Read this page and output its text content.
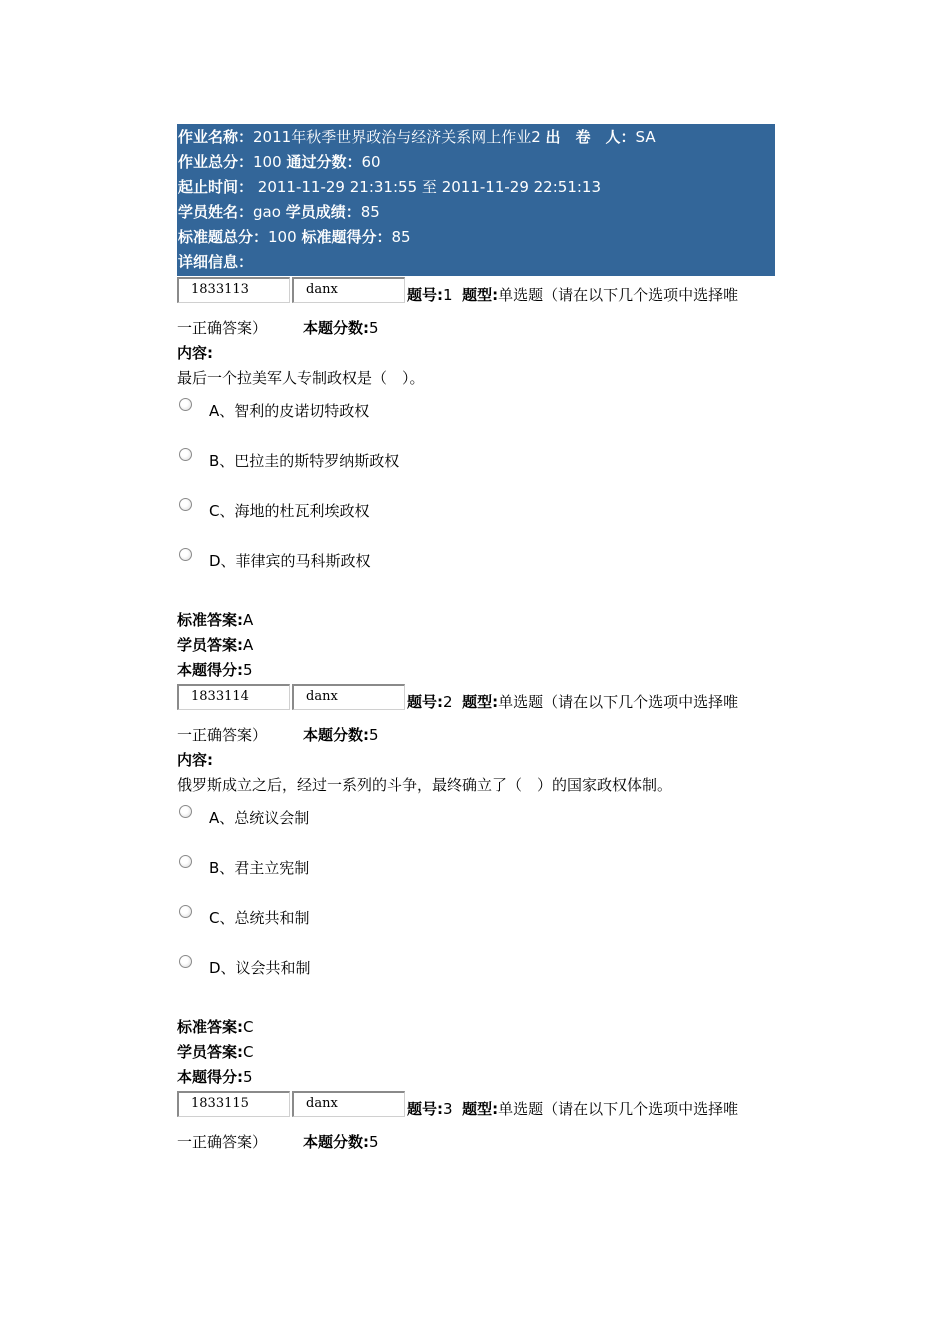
作业名称：2011年秋季世界政治与经济关系网上作业2 出　卷　人：SA
作业总分：100 通过分数：60
起止时间： 2011-11-29 21:31:55 至 2011-11-29 22:51:13
学员姓名：gao 学员成绩：85
标准题总分：100 标准题得分：85
详细信息：
1833113	danx	题号:1 题型:单选题（请在以下几个选项中选择唯
一正确答案） 本题分数:5
内容:
最后一个拉美军人专制政权是（　）。
A、智利的皮诺切特政权
B、巴拉圭的斯特罗纳斯政权
C、海地的杜瓦利埃政权
D、菲律宾的马科斯政权
标准答案:A
学员答案:A
本题得分:5
1833114	danx	题号:2 题型:单选题（请在以下几个选项中选择唯
一正确答案） 本题分数:5
内容:
俄罗斯成立之后，经过一系列的斗争，最终确立了（　）的国家政权体制。
A、总统议会制
B、君主立宪制
C、总统共和制
D、议会共和制
标准答案:C
学员答案:C
本题得分:5
1833115	danx	题号:3 题型:单选题（请在以下几个选项中选择唯
一正确答案） 本题分数:5
